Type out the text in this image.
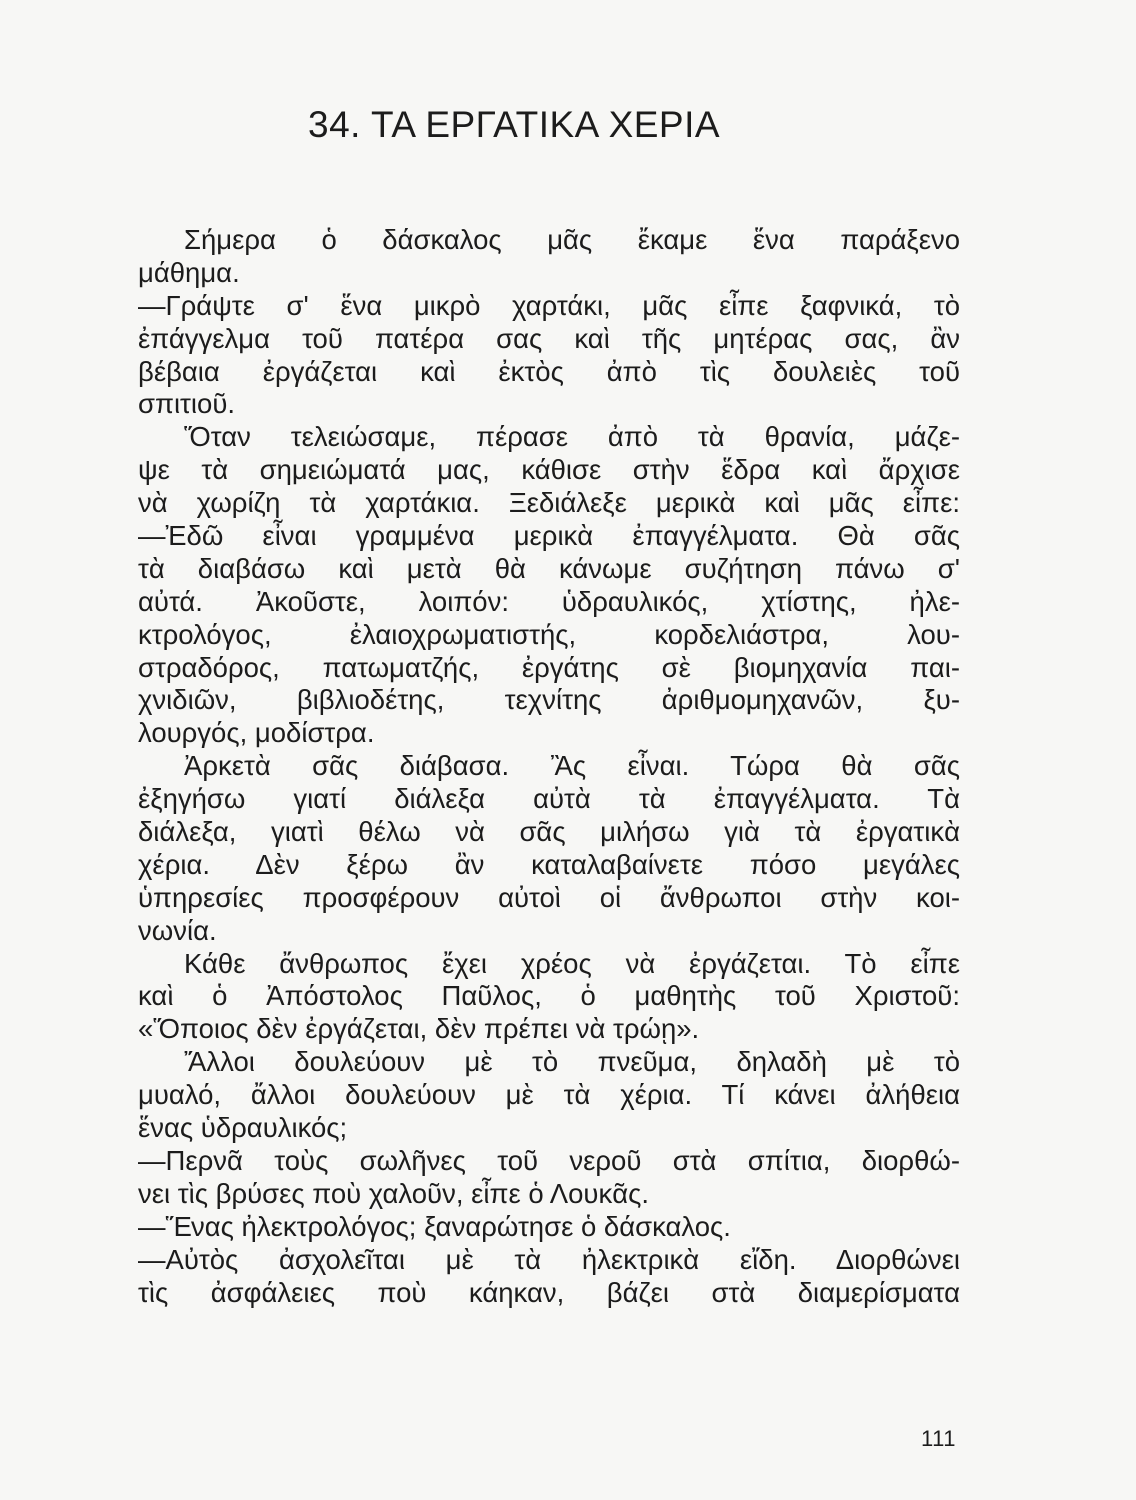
34. ΤΑ ΕΡΓΑΤΙΚΑ ΧΕΡΙΑ
Σήμερα ὁ δάσκαλος μᾶς ἔκαμε ἕνα παράξενο
μάθημα.
—Γράψτε σ' ἕνα μικρὸ χαρτάκι, μᾶς εἶπε ξαφνικά, τὸ
ἐπάγγελμα τοῦ πατέρα σας καὶ τῆς μητέρας σας, ἂν
βέβαια ἐργάζεται καὶ ἐκτὸς ἀπὸ τὶς δουλειὲς τοῦ
σπιτιοῦ.
Ὅταν τελειώσαμε, πέρασε ἀπὸ τὰ θρανία, μάζε-
ψε τὰ σημειώματά μας, κάθισε στὴν ἕδρα καὶ ἄρχισε
νὰ χωρίζη τὰ χαρτάκια. Ξεδιάλεξε μερικὰ καὶ μᾶς εἶπε:
—Ἐδῶ εἶναι γραμμένα μερικὰ ἐπαγγέλματα. Θὰ σᾶς
τὰ διαβάσω καὶ μετὰ θὰ κάνωμε συζήτηση πάνω σ'
αὐτά. Ἀκοῦστε, λοιπόν: ὑδραυλικός, χτίστης, ἠλε-
κτρολόγος, ἐλαιοχρωματιστής, κορδελιάστρα, λου-
στραδόρος, πατωματζής, ἐργάτης σὲ βιομηχανία παι-
χνιδιῶν, βιβλιοδέτης, τεχνίτης ἀριθμομηχανῶν, ξυ-
λουργός, μοδίστρα.
Ἀρκετὰ σᾶς διάβασα. Ἂς εἶναι. Τώρα θὰ σᾶς
ἐξηγήσω γιατί διάλεξα αὐτὰ τὰ ἐπαγγέλματα. Τὰ
διάλεξα, γιατὶ θέλω νὰ σᾶς μιλήσω γιὰ τὰ ἐργατικὰ
χέρια. Δὲν ξέρω ἂν καταλαβαίνετε πόσο μεγάλες
ὑπηρεσίες προσφέρουν αὐτοὶ οἱ ἄνθρωποι στὴν κοι-
νωνία.
Κάθε ἄνθρωπος ἔχει χρέος νὰ ἐργάζεται. Τὸ εἶπε
καὶ ὁ Ἀπόστολος Παῦλος, ὁ μαθητὴς τοῦ Χριστοῦ:
«Ὅποιος δὲν ἐργάζεται, δὲν πρέπει νὰ τρώῃ».
Ἄλλοι δουλεύουν μὲ τὸ πνεῦμα, δηλαδὴ μὲ τὸ
μυαλό, ἄλλοι δουλεύουν μὲ τὰ χέρια. Τί κάνει ἀλήθεια
ἕνας ὑδραυλικός;
—Περνᾶ τοὺς σωλῆνες τοῦ νεροῦ στὰ σπίτια, διορθώ-
νει τὶς βρύσες ποὺ χαλοῦν, εἶπε ὁ Λουκᾶς.
—Ἕνας ἠλεκτρολόγος; ξαναρώτησε ὁ δάσκαλος.
—Αὐτὸς ἀσχολεῖται μὲ τὰ ἠλεκτρικὰ εἴδη. Διορθώνει
τὶς ἀσφάλειες ποὺ κάηκαν, βάζει στὰ διαμερίσματα
111
